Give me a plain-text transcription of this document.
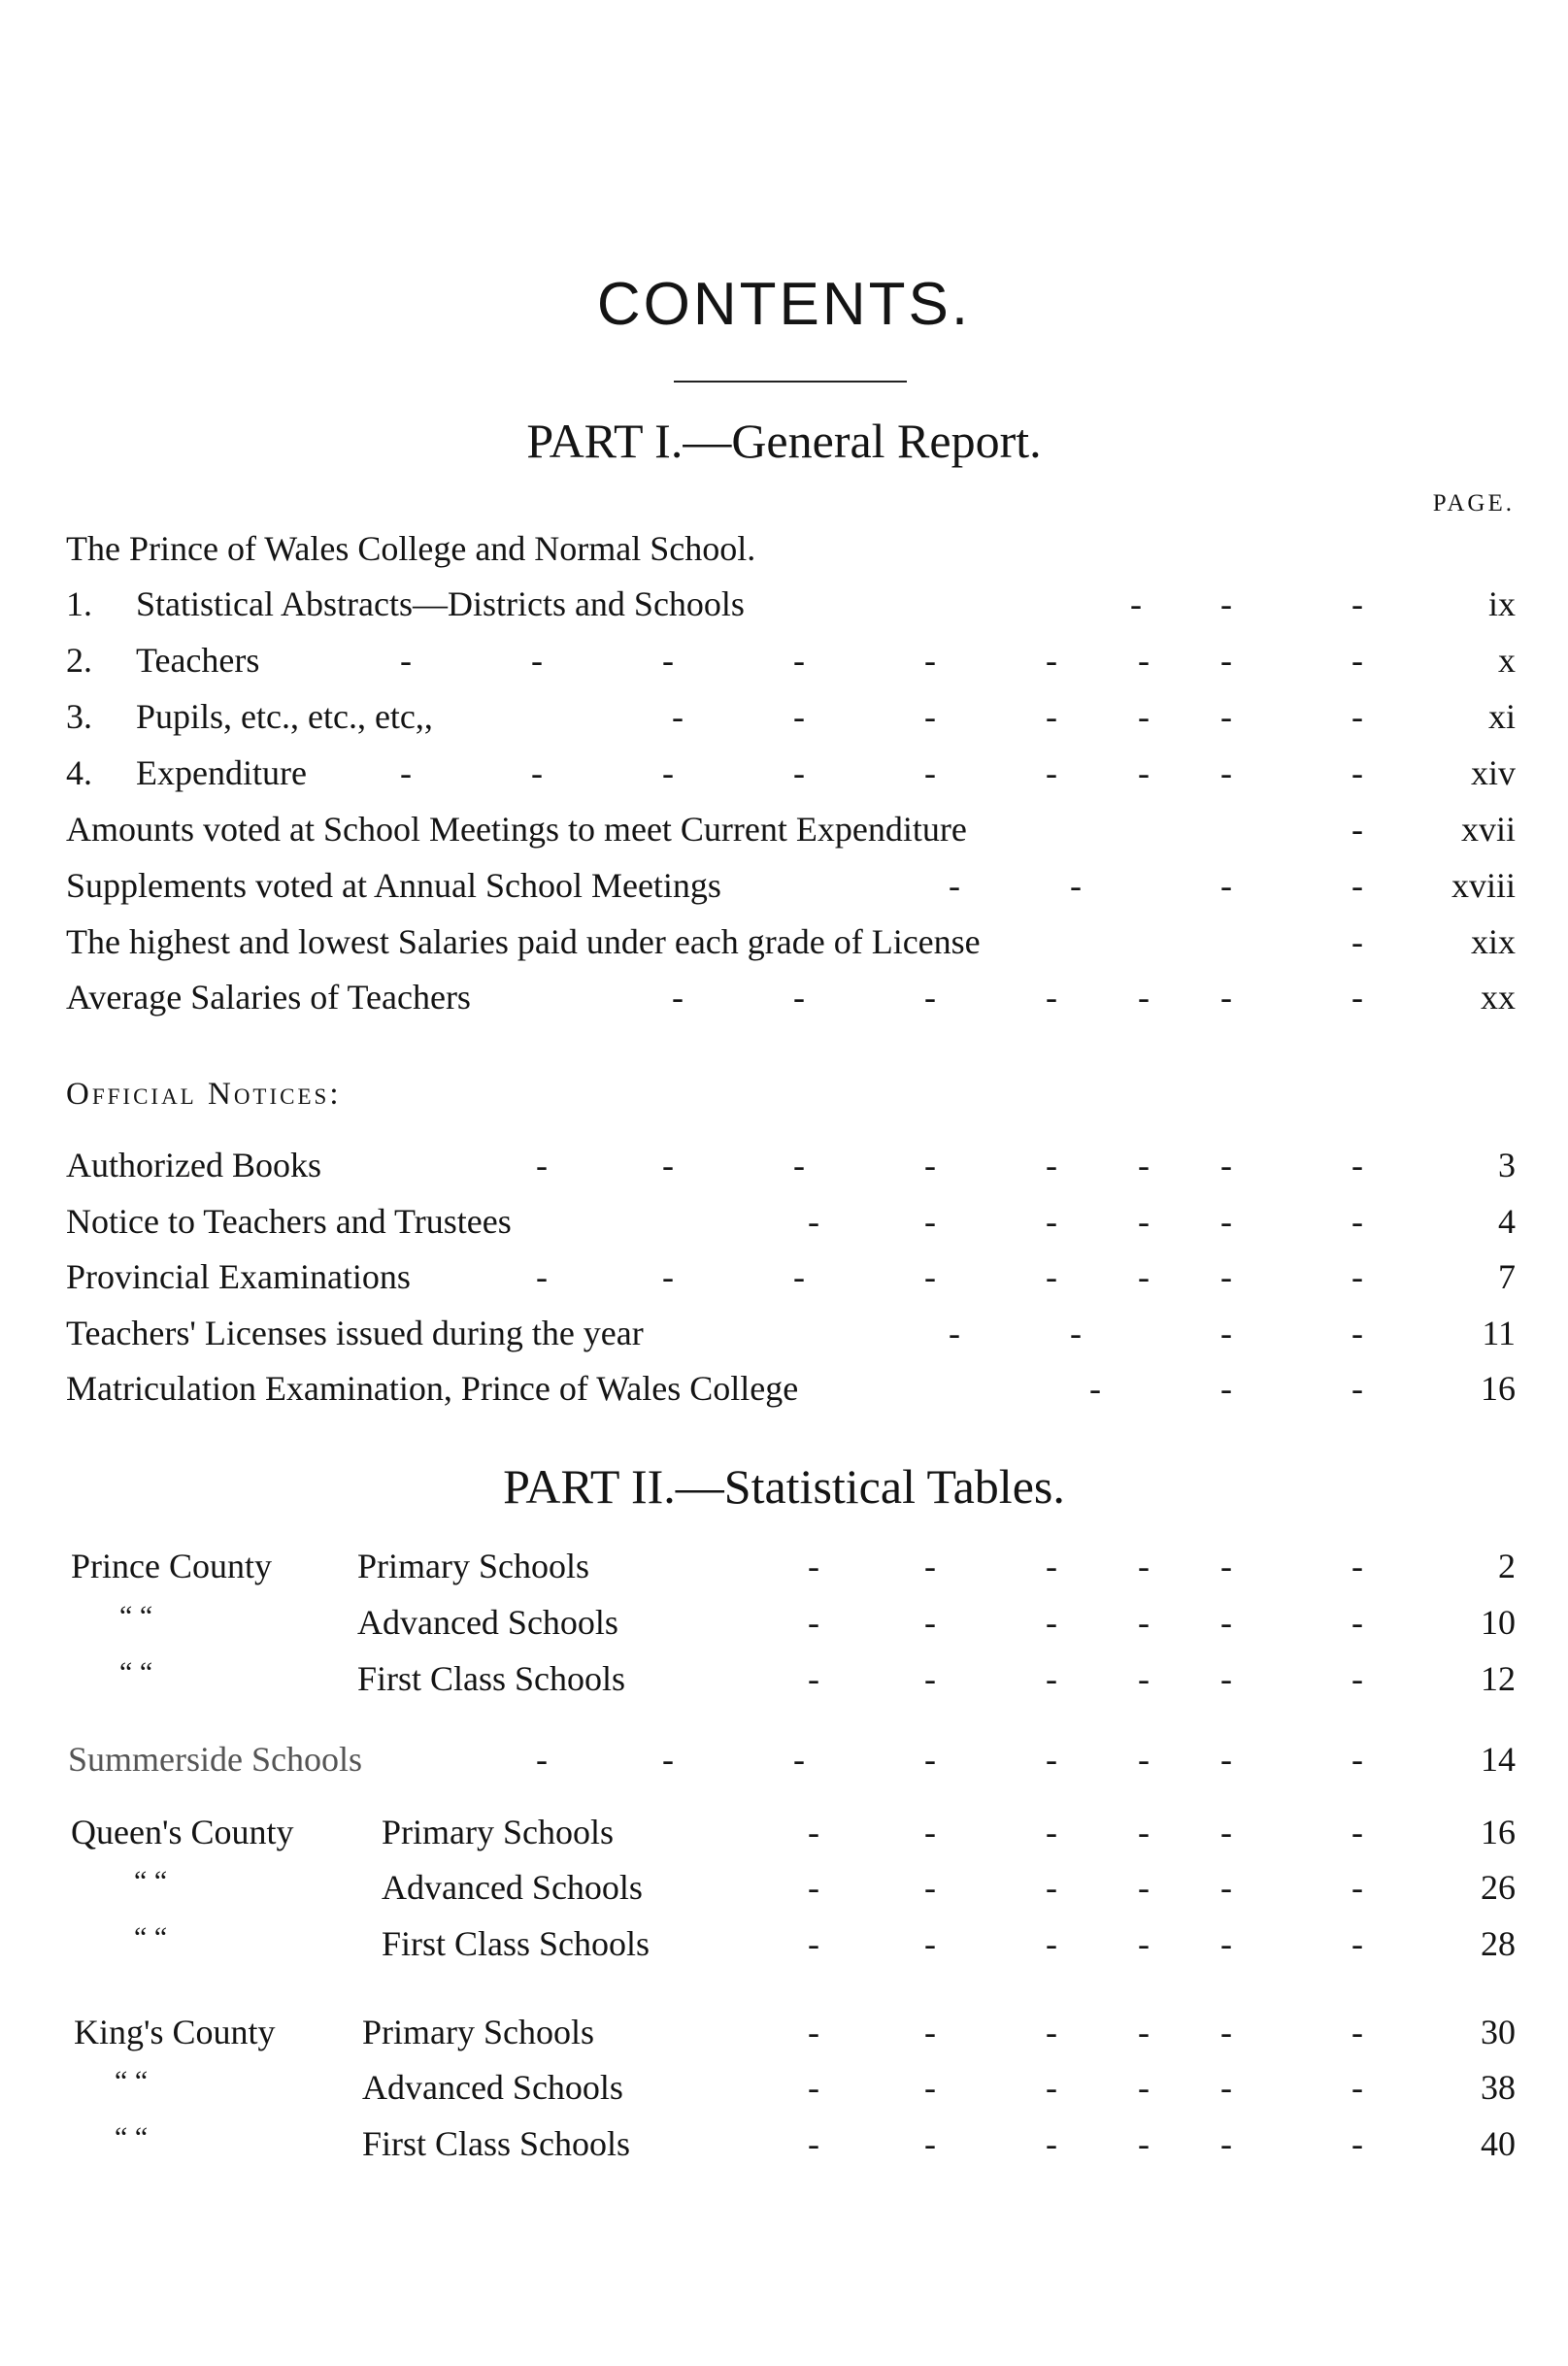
CONTENTS.
PART I.—General Report.
PAGE.
The Prince of Wales College and Normal School.
1. Statistical Abstracts—Districts and Schools	- -	-	ix
2. Teachers	-	-	-	-	-	- - -	-	x
3. Pupils, etc., etc., etc,,	-	-	-	- - -	-	xi
4. Expenditure	-	-	-	-	-	- - -	-	xiv
Amounts voted at School Meetings to meet Current Expenditure	-	xvii
Supplements voted at Annual School Meetings	-	-	-	-	xviii
The highest and lowest Salaries paid under each grade of License	-	xix
Average Salaries of Teachers	-	-	-	- - -	-	xx
Official Notices:
Authorized Books	-	-	-	-	- - -	-	3
Notice to Teachers and Trustees	-	-	- - -	-	4
Provincial Examinations	-	-	-	-	- - -	-	7
Teachers' Licenses issued during the year	-	-	-	-	11
Matriculation Examination, Prince of Wales College	-	-	-	16
PART II.—Statistical Tables.
Prince County Primary Schools	-	-	- - -	-	2
“ “	Advanced Schools	-	-	- - -	-	10
“ “	First Class Schools	-	-	- - -	-	12
Summerside Schools	-	-	-	-	- - -	-	14
Queen's County	Primary Schools	-	-	- - -	-	16
“ “	Advanced Schools	-	-	- - -	-	26
“ “	First Class Schools	-	-	- - -	-	28
King's County Primary Schools	-	-	- - -	-	30
“ “	Advanced Schools	-	-	- - -	-	38
“ “	First Class Schools	-	-	- - -	-	40
